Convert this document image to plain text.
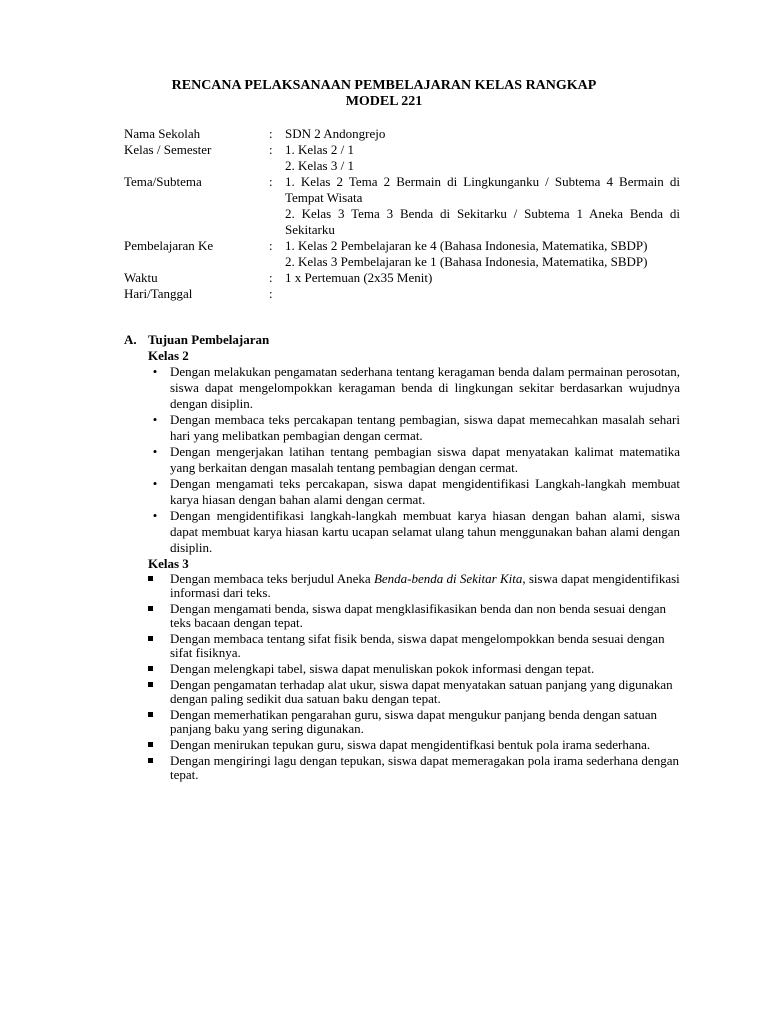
RENCANA PELAKSANAAN PEMBELAJARAN KELAS RANGKAP
MODEL 221
Nama Sekolah	: SDN 2 Andongrejo
Kelas / Semester	: 1. Kelas 2 / 1
2. Kelas 3 / 1
Tema/Subtema	: 1. Kelas 2 Tema 2 Bermain di Lingkunganku / Subtema 4 Bermain di Tempat Wisata
2. Kelas 3 Tema 3 Benda di Sekitarku / Subtema 1 Aneka Benda di Sekitarku
Pembelajaran Ke	: 1. Kelas 2 Pembelajaran ke 4 (Bahasa Indonesia, Matematika, SBDP)
2. Kelas 3 Pembelajaran ke 1 (Bahasa Indonesia, Matematika, SBDP)
Waktu	: 1 x Pertemuan (2x35 Menit)
Hari/Tanggal	:
A. Tujuan Pembelajaran
Kelas 2
• Dengan melakukan pengamatan sederhana tentang keragaman benda dalam permainan perosotan, siswa dapat mengelompokkan keragaman benda di lingkungan sekitar berdasarkan wujudnya dengan disiplin.
• Dengan membaca teks percakapan tentang pembagian, siswa dapat memecahkan masalah sehari hari yang melibatkan pembagian dengan cermat.
• Dengan mengerjakan latihan tentang pembagian siswa dapat menyatakan kalimat matematika yang berkaitan dengan masalah tentang pembagian dengan cermat.
• Dengan mengamati teks percakapan, siswa dapat mengidentifikasi Langkah-langkah membuat karya hiasan dengan bahan alami dengan cermat.
• Dengan mengidentifikasi langkah-langkah membuat karya hiasan dengan bahan alami, siswa dapat membuat karya hiasan kartu ucapan selamat ulang tahun menggunakan bahan alami dengan disiplin.
Kelas 3
Dengan membaca teks berjudul Aneka Benda-benda di Sekitar Kita, siswa dapat mengidentifikasi informasi dari teks.
Dengan mengamati benda, siswa dapat mengklasifikasikan benda dan non benda sesuai dengan teks bacaan dengan tepat.
Dengan membaca tentang sifat fisik benda, siswa dapat mengelompokkan benda sesuai dengan sifat fisiknya.
Dengan melengkapi tabel, siswa dapat menuliskan pokok informasi dengan tepat.
Dengan pengamatan terhadap alat ukur, siswa dapat menyatakan satuan panjang yang digunakan dengan paling sedikit dua satuan baku dengan tepat.
Dengan memerhatikan pengarahan guru, siswa dapat mengukur panjang benda dengan satuan panjang baku yang sering digunakan.
Dengan menirukan tepukan guru, siswa dapat mengidentifkasi bentuk pola irama sederhana.
Dengan mengiringi lagu dengan tepukan, siswa dapat memeragakan pola irama sederhana dengan tepat.
